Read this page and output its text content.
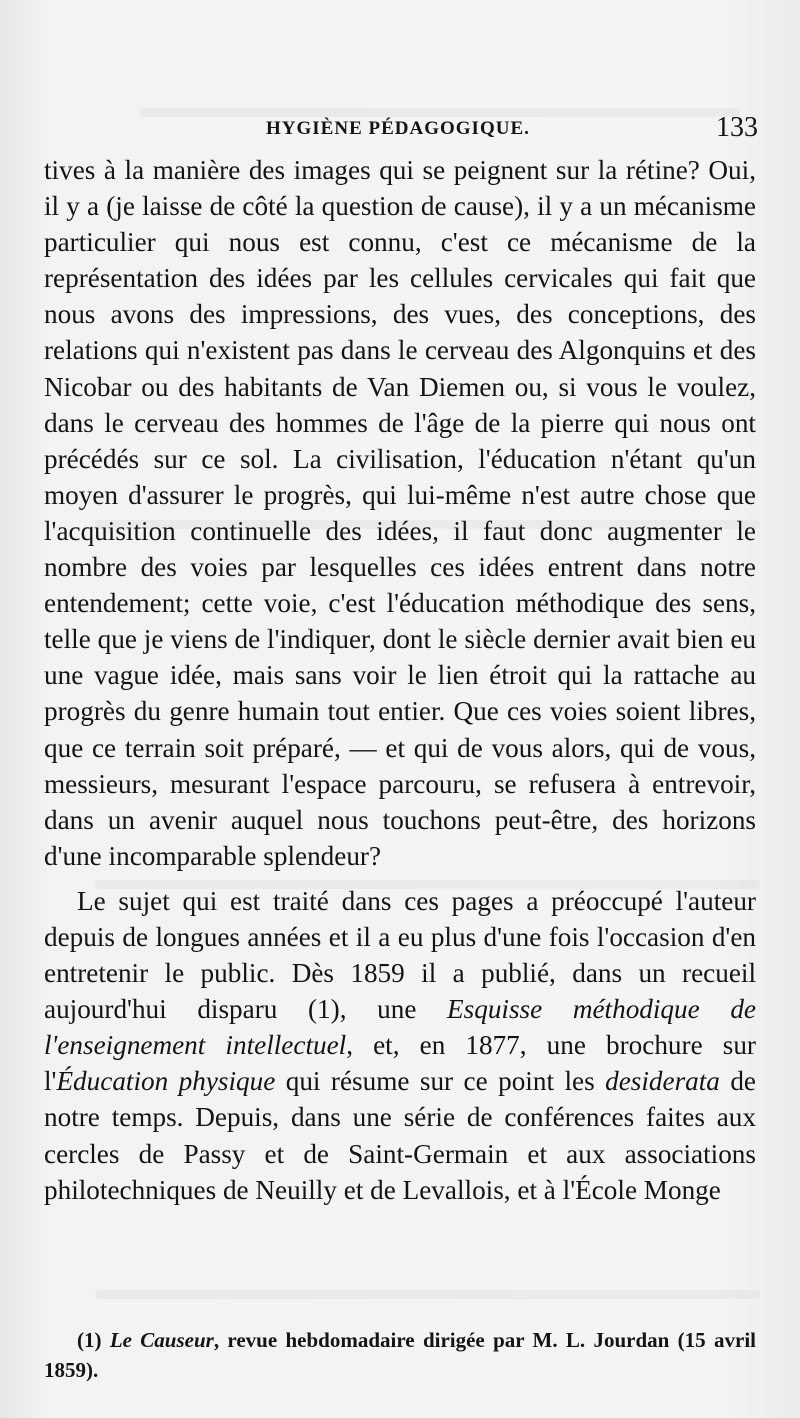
HYGIÈNE PÉDAGOGIQUE.	133

tives à la manière des images qui se peignent sur la rétine? Oui, il y a (je laisse de côté la question de cause), il y a un mécanisme particulier qui nous est connu, c'est ce mécanisme de la représentation des idées par les cellules cervicales qui fait que nous avons des impressions, des vues, des conceptions, des relations qui n'existent pas dans le cerveau des Algonquins et des Nicobar ou des habitants de Van Diemen ou, si vous le voulez, dans le cerveau des hommes de l'âge de la pierre qui nous ont précédés sur ce sol. La civilisation, l'éducation n'étant qu'un moyen d'assurer le progrès, qui lui-même n'est autre chose que l'acquisition continuelle des idées, il faut donc augmenter le nombre des voies par lesquelles ces idées entrent dans notre entendement; cette voie, c'est l'éducation méthodique des sens, telle que je viens de l'indiquer, dont le siècle dernier avait bien eu une vague idée, mais sans voir le lien étroit qui la rattache au progrès du genre humain tout entier. Que ces voies soient libres, que ce terrain soit préparé, — et qui de vous alors, qui de vous, messieurs, mesurant l'espace parcouru, se refusera à entrevoir, dans un avenir auquel nous touchons peut-être, des horizons d'une incomparable splendeur?

Le sujet qui est traité dans ces pages a préoccupé l'auteur depuis de longues années et il a eu plus d'une fois l'occasion d'en entretenir le public. Dès 1859 il a publié, dans un recueil aujourd'hui disparu (1), une Esquisse méthodique de l'enseignement intellectuel, et, en 1877, une brochure sur l'Éducation physique qui résume sur ce point les desiderata de notre temps. Depuis, dans une série de conférences faites aux cercles de Passy et de Saint-Germain et aux associations philotechniques de Neuilly et de Levallois, et à l'École Monge

(1) Le Causeur, revue hebdomadaire dirigée par M. L. Jourdan (15 avril 1859).
